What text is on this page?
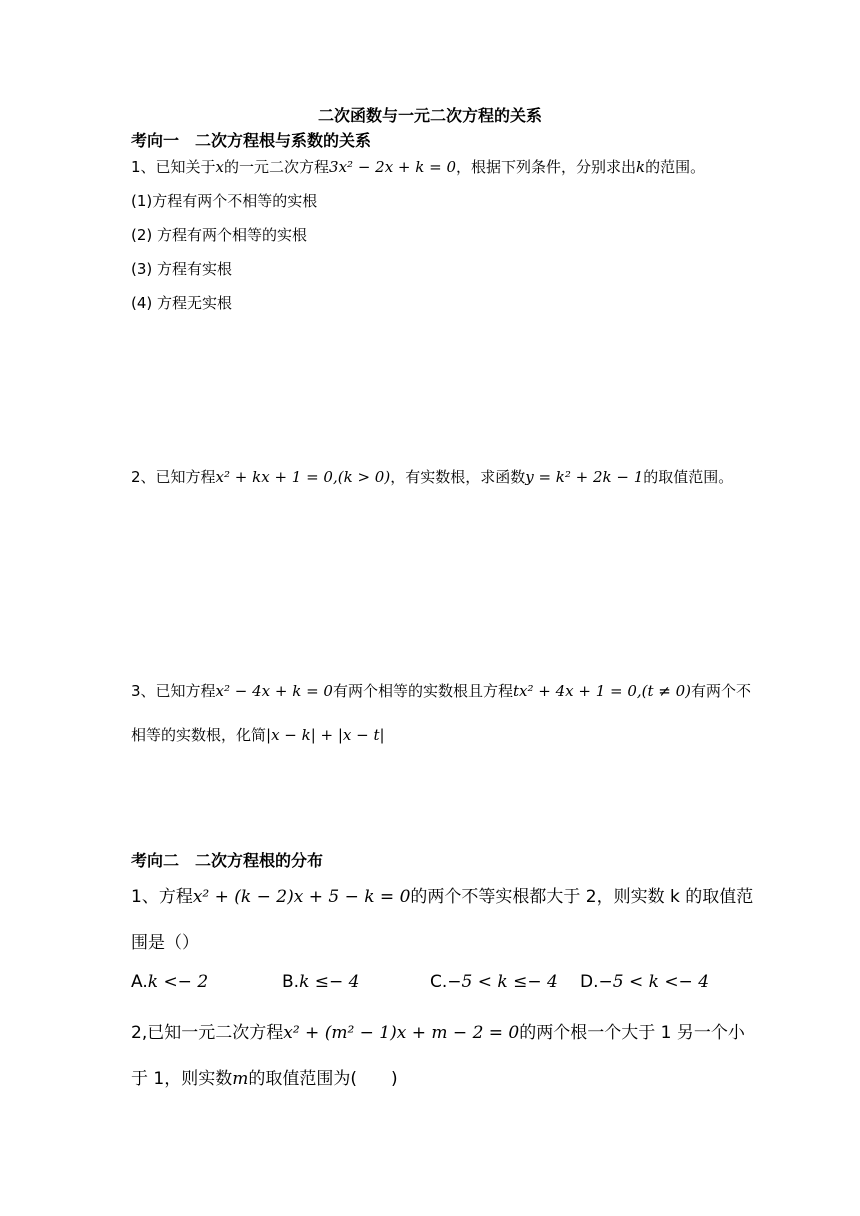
二次函数与一元二次方程的关系
考向一　二次方程根与系数的关系
1、已知关于x的一元二次方程3x² − 2x + k = 0，根据下列条件，分别求出k的范围。
(1)方程有两个不相等的实根
(2) 方程有两个相等的实根
(3) 方程有实根
(4) 方程无实根
2、已知方程x² + kx + 1 = 0,(k > 0)，有实数根，求函数y = k² + 2k − 1的取值范围。
3、已知方程x² − 4x + k = 0有两个相等的实数根且方程tx² + 4x + 1 = 0,(t ≠ 0)有两个不
相等的实数根，化简|x − k| + |x − t|
考向二　二次方程根的分布
1、方程x² + (k − 2)x + 5 − k = 0的两个不等实根都大于 2，则实数 k 的取值范
围是（）
A.k <− 2	B.k ≤− 4	C.−5 < k ≤− 4 D.−5 < k <− 4
2,已知一元二次方程x² + (m² − 1)x + m − 2 = 0的两个根一个大于 1 另一个小
于 1，则实数m的取值范围为(　　)
